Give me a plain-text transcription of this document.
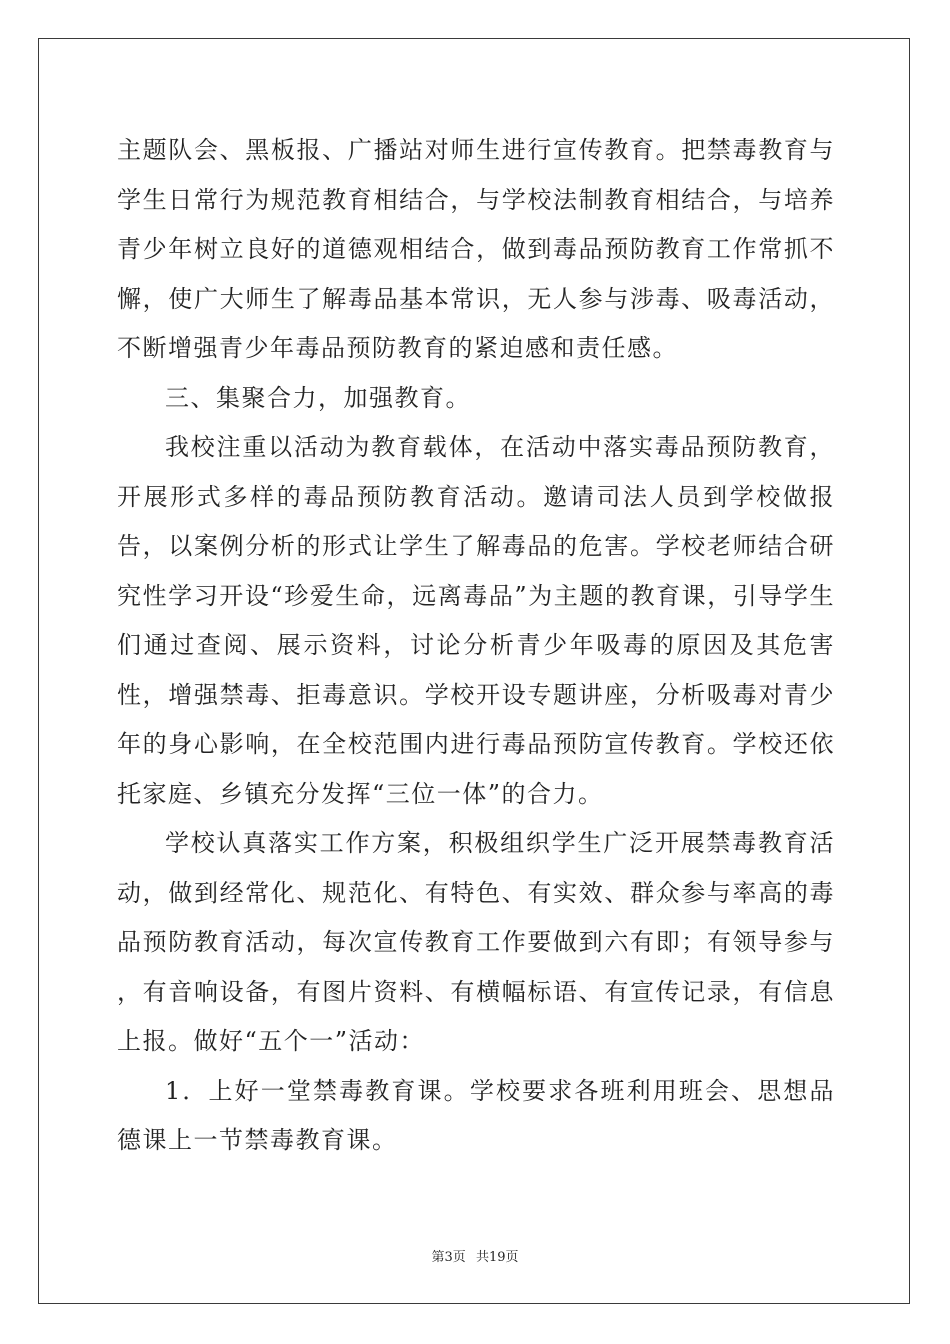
主题队会、黑板报、广播站对师生进行宣传教育。把禁毒教育与学生日常行为规范教育相结合，与学校法制教育相结合，与培养青少年树立良好的道德观相结合，做到毒品预防教育工作常抓不懈，使广大师生了解毒品基本常识，无人参与涉毒、吸毒活动，不断增强青少年毒品预防教育的紧迫感和责任感。

三、集聚合力，加强教育。

我校注重以活动为教育载体，在活动中落实毒品预防教育，开展形式多样的毒品预防教育活动。邀请司法人员到学校做报告，以案例分析的形式让学生了解毒品的危害。学校老师结合研究性学习开设“珍爱生命，远离毒品”为主题的教育课，引导学生们通过查阅、展示资料，讨论分析青少年吸毒的原因及其危害性，增强禁毒、拒毒意识。学校开设专题讲座，分析吸毒对青少年的身心影响，在全校范围内进行毒品预防宣传教育。学校还依托家庭、乡镇充分发挥“三位一体”的合力。

学校认真落实工作方案，积极组织学生广泛开展禁毒教育活动，做到经常化、规范化、有特色、有实效、群众参与率高的毒品预防教育活动，每次宣传教育工作要做到六有即；有领导参与 ，有音响设备，有图片资料、有横幅标语、有宣传记录，有信息上报。做好“五个一”活动：

1．上好一堂禁毒教育课。学校要求各班利用班会、思想品德课上一节禁毒教育课。

第3页 共19页
